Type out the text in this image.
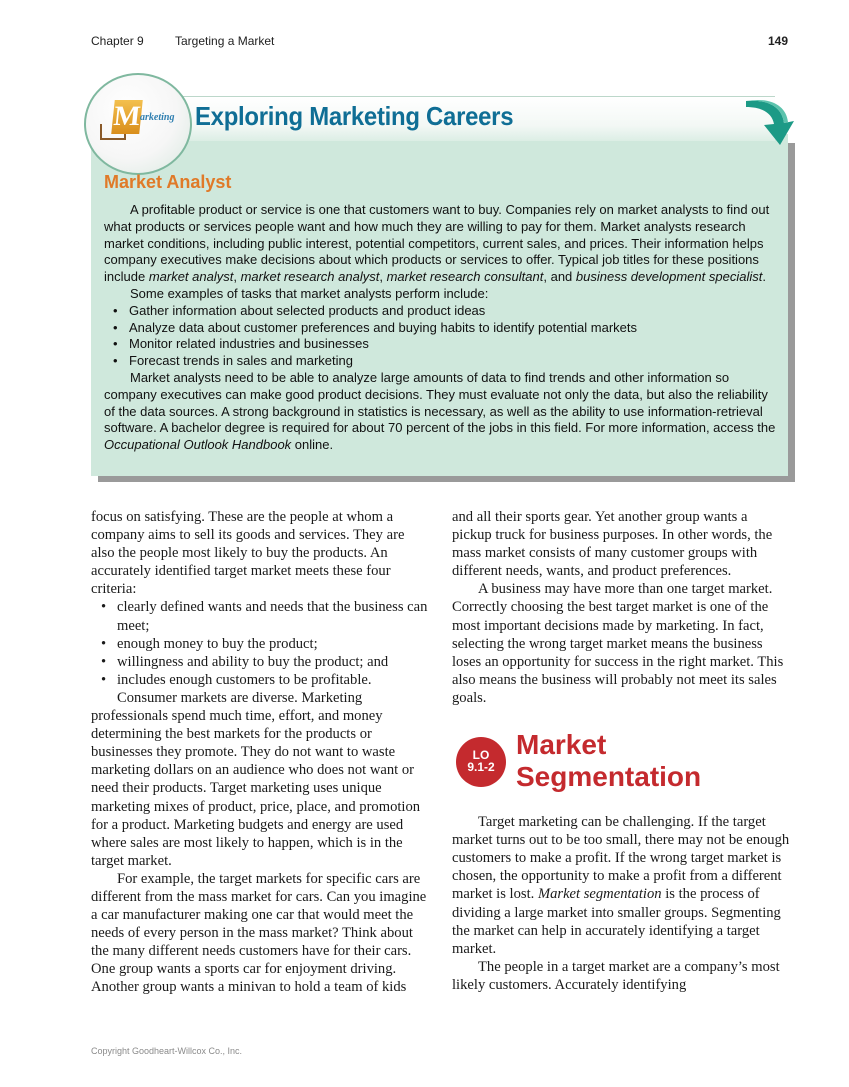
Chapter 9	Targeting a Market	149
M
arketing Exploring Marketing Careers
Market Analyst

A profitable product or service is one that customers want to buy. Companies rely on market analysts to find out what products or services people want and how much they are willing to pay for them. Market analysts research market conditions, including public interest, potential competitors, current sales, and prices. Their information helps company executives make decisions about which products or services to offer. Typical job titles for these positions include market analyst, market research analyst, market research consultant, and business development specialist.

Some examples of tasks that market analysts perform include:

• Gather information about selected products and product ideas
• Analyze data about customer preferences and buying habits to identify potential markets
• Monitor related industries and businesses
• Forecast trends in sales and marketing

Market analysts need to be able to analyze large amounts of data to find trends and other information so company executives can make good product decisions. They must evaluate not only the data, but also the reliability of the data sources. A strong background in statistics is necessary, as well as the ability to use information-retrieval software. A bachelor degree is required for about 70 percent of the jobs in this field. For more information, access the Occupational Outlook Handbook online.

focus on satisfying. These are the people at whom a company aims to sell its goods and services. They are also the people most likely to buy the products. An accurately identified target market meets these four criteria:

• clearly defined wants and needs that the business can meet;
• enough money to buy the product;
• willingness and ability to buy the product; and
• includes enough customers to be profitable.

Consumer markets are diverse. Marketing professionals spend much time, effort, and money determining the best markets for the products or businesses they promote. They do not want to waste marketing dollars on an audience who does not want or need their products. Target marketing uses unique marketing mixes of product, price, place, and promotion for a product. Marketing budgets and energy are used where sales are most likely to happen, which is in the target market.

For example, the target markets for specific cars are different from the mass market for cars. Can you imagine a car manufacturer making one car that would meet the needs of every person in the mass market? Think about the many different needs customers have for their cars. One group wants a sports car for enjoyment driving. Another group wants a minivan to hold a team of kids

and all their sports gear. Yet another group wants a pickup truck for business purposes. In other words, the mass market consists of many customer groups with different needs, wants, and product preferences.

A business may have more than one target market. Correctly choosing the best target market is one of the most important decisions made by marketing. In fact, selecting the wrong target market means the business loses an opportunity for success in the right market. This also means the business will probably not meet its sales goals.

LO
9.1-2
Market
Segmentation

Target marketing can be challenging. If the target market turns out to be too small, there may not be enough customers to make a profit. If the wrong target market is chosen, the opportunity to make a profit from a different market is lost. Market segmentation is the process of dividing a large market into smaller groups. Segmenting the market can help in accurately identifying a target market.

The people in a target market are a company’s most likely customers. Accurately identifying

Copyright Goodheart-Willcox Co., Inc.
